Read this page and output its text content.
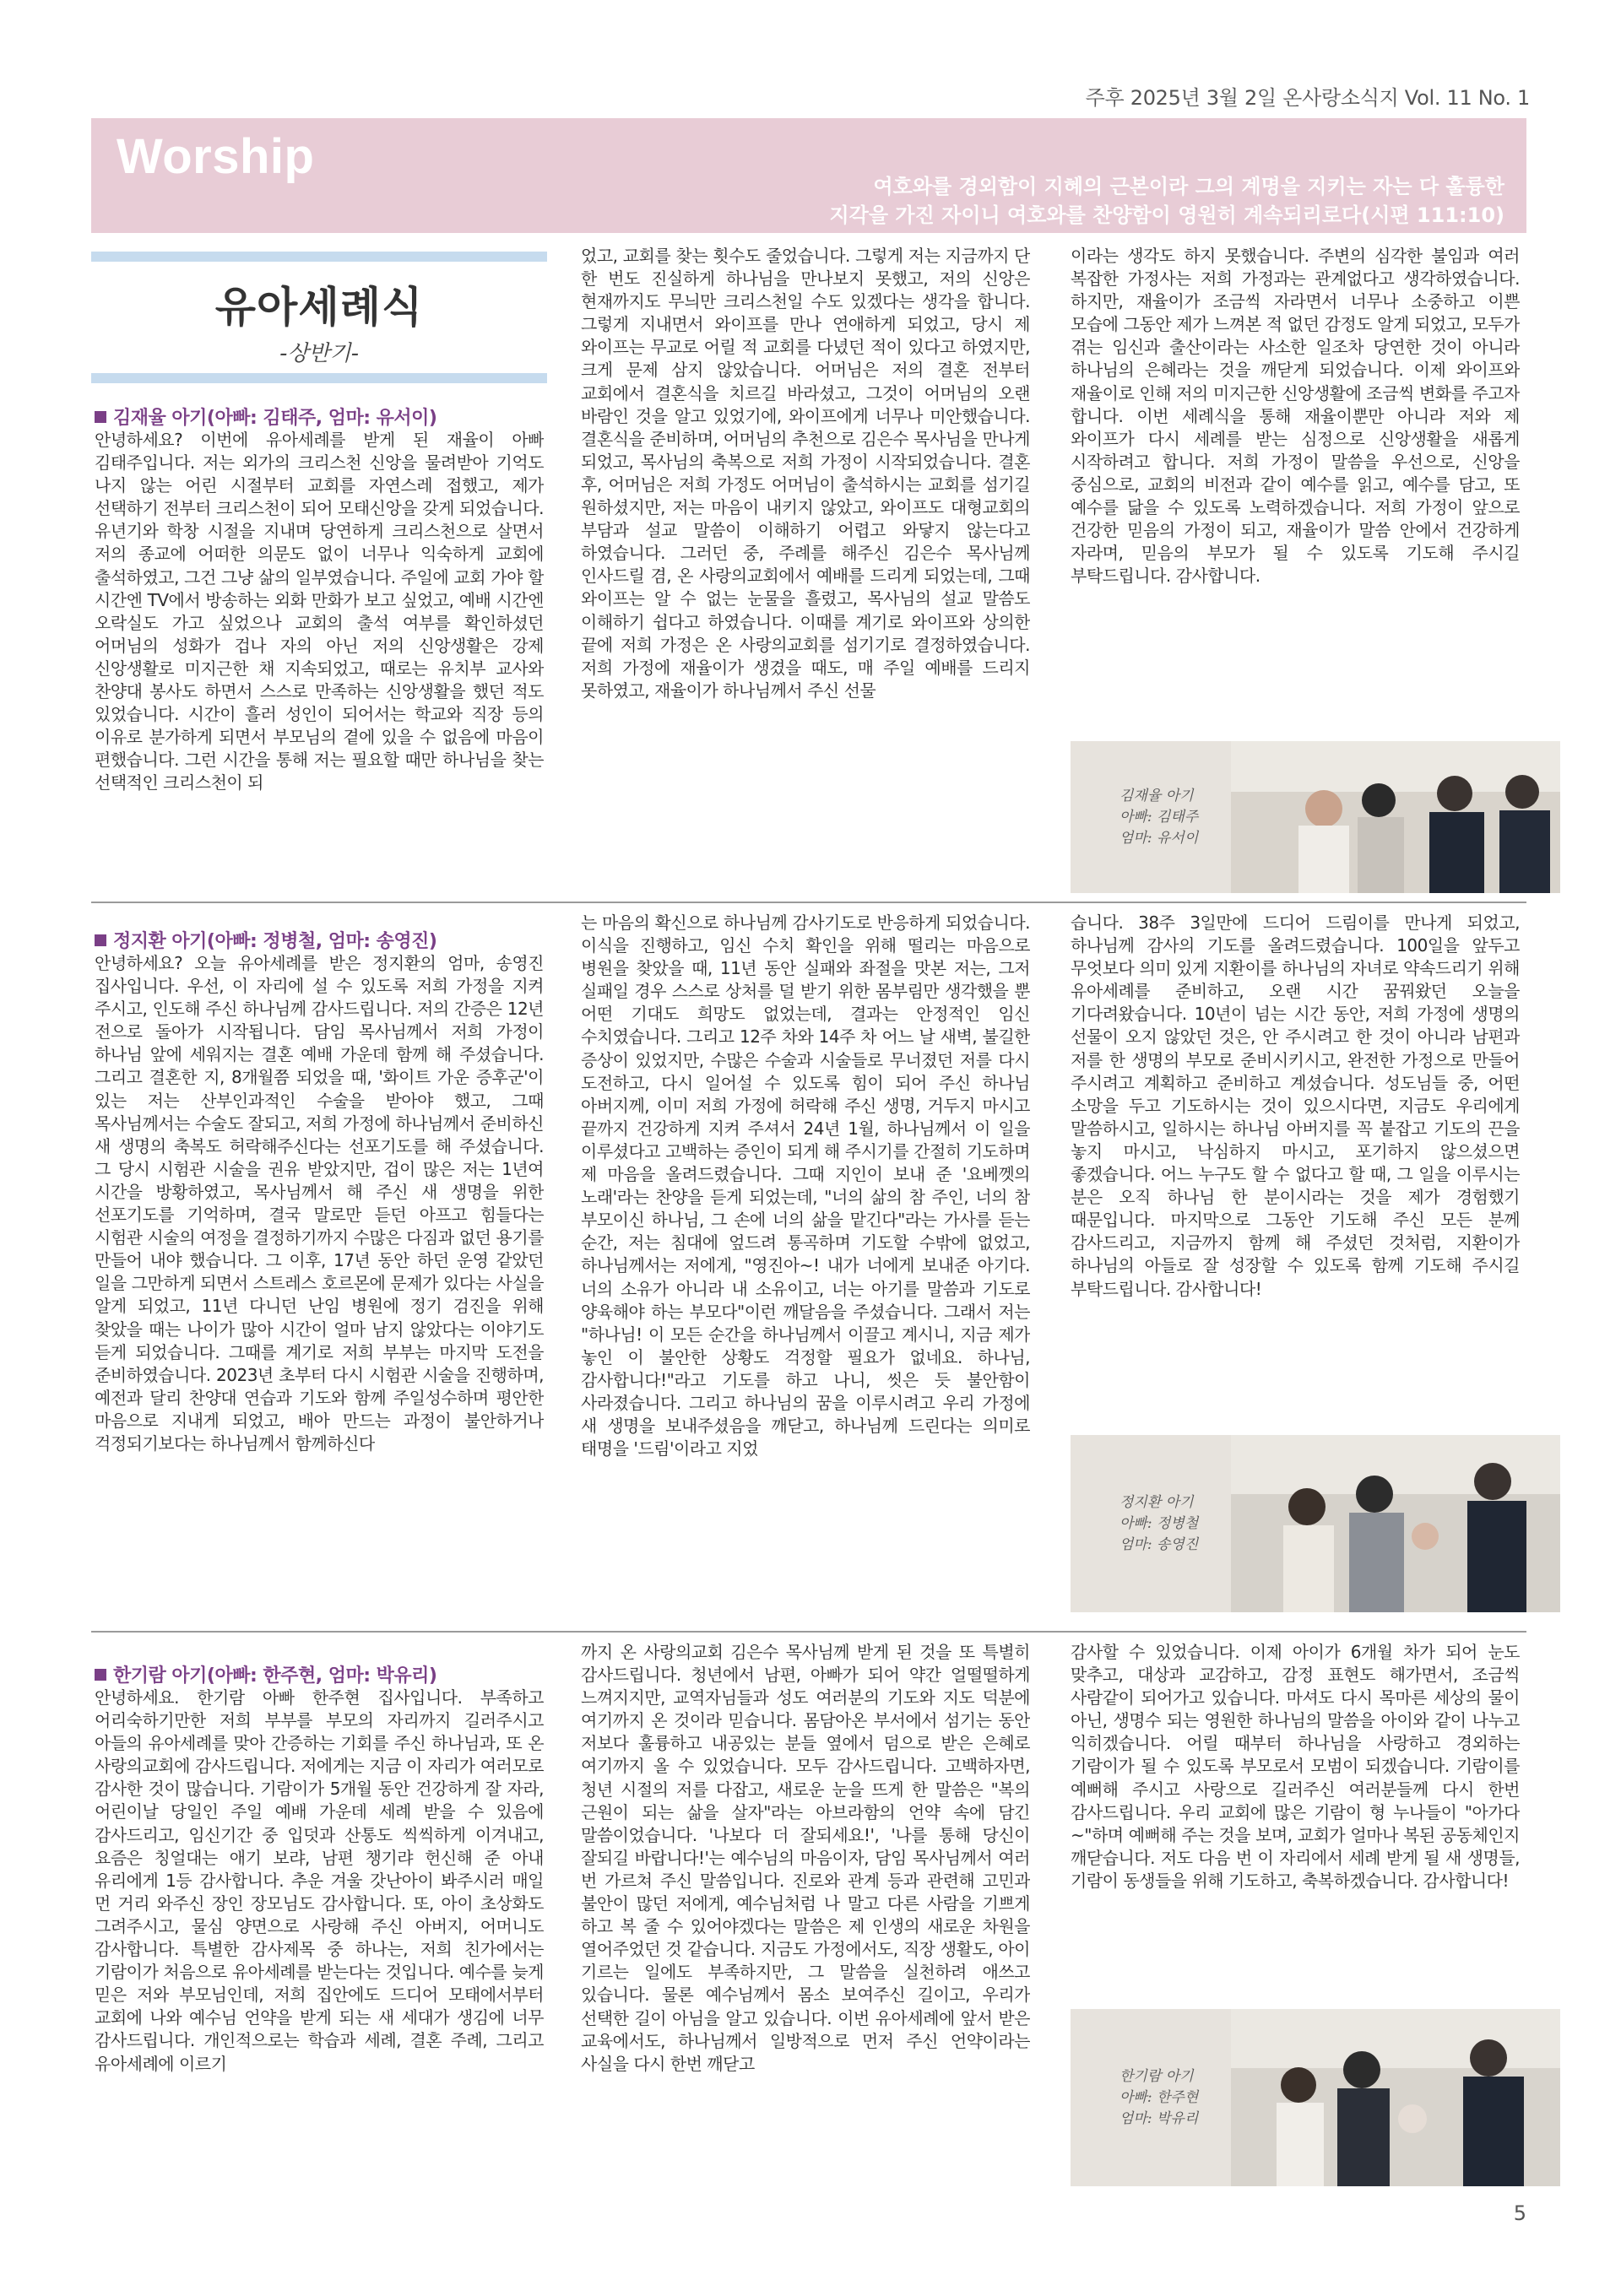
주후 2025년 3월 2일 온사랑소식지 Vol. 11 No. 1
Worship
여호와를 경외함이 지혜의 근본이라 그의 계명을 지키는 자는 다 훌륭한
지각을 가진 자이니 여호와를 찬양함이 영원히 계속되리로다(시편 111:10)
유아세례식
-상반기-
김재율 아기(아빠: 김태주, 엄마: 유서이)

안녕하세요? 이번에 유아세례를 받게 된 재율이 아빠 김태주입니다. 저는 외가의 크리스천 신앙을 물려받아 기억도 나지 않는 어린 시절부터 교회를 자연스레 접했고, 제가 선택하기 전부터 크리스천이 되어 모태신앙을 갖게 되었습니다. 유년기와 학창 시절을 지내며 당연하게 크리스천으로 살면서 저의 종교에 어떠한 의문도 없이 너무나 익숙하게 교회에 출석하였고, 그건 그냥 삶의 일부였습니다. 주일에 교회 가야 할 시간엔 TV에서 방송하는 외화 만화가 보고 싶었고, 예배 시간엔 오락실도 가고 싶었으나 교회의 출석 여부를 확인하셨던 어머님의 성화가 겁나 자의 아닌 저의 신앙생활은 강제 신앙생활로 미지근한 채 지속되었고, 때로는 유치부 교사와 찬양대 봉사도 하면서 스스로 만족하는 신앙생활을 했던 적도 있었습니다. 시간이 흘러 성인이 되어서는 학교와 직장 등의 이유로 분가하게 되면서 부모님의 곁에 있을 수 없음에 마음이 편했습니다. 그런 시간을 통해 저는 필요할 때만 하나님을 찾는 선택적인 크리스천이 되

었고, 교회를 찾는 횟수도 줄었습니다. 그렇게 저는 지금까지 단 한 번도 진실하게 하나님을 만나보지 못했고, 저의 신앙은 현재까지도 무늬만 크리스천일 수도 있겠다는 생각을 합니다. 그렇게 지내면서 와이프를 만나 연애하게 되었고, 당시 제 와이프는 무교로 어릴 적 교회를 다녔던 적이 있다고 하였지만, 크게 문제 삼지 않았습니다. 어머님은 저의 결혼 전부터 교회에서 결혼식을 치르길 바라셨고, 그것이 어머님의 오랜 바람인 것을 알고 있었기에, 와이프에게 너무나 미안했습니다. 결혼식을 준비하며, 어머님의 추천으로 김은수 목사님을 만나게 되었고, 목사님의 축복으로 저희 가정이 시작되었습니다. 결혼 후, 어머님은 저희 가정도 어머님이 출석하시는 교회를 섬기길 원하셨지만, 저는 마음이 내키지 않았고, 와이프도 대형교회의 부담과 설교 말씀이 이해하기 어렵고 와닿지 않는다고 하였습니다. 그러던 중, 주례를 해주신 김은수 목사님께 인사드릴 겸, 온 사랑의교회에서 예배를 드리게 되었는데, 그때 와이프는 알 수 없는 눈물을 흘렸고, 목사님의 설교 말씀도 이해하기 쉽다고 하였습니다. 이때를 계기로 와이프와 상의한 끝에 저희 가정은 온 사랑의교회를 섬기기로 결정하였습니다. 저희 가정에 재율이가 생겼을 때도, 매 주일 예배를 드리지 못하였고, 재율이가 하나님께서 주신 선물

이라는 생각도 하지 못했습니다. 주변의 심각한 불임과 여러 복잡한 가정사는 저희 가정과는 관계없다고 생각하였습니다. 하지만, 재율이가 조금씩 자라면서 너무나 소중하고 이쁜 모습에 그동안 제가 느껴본 적 없던 감정도 알게 되었고, 모두가 겪는 임신과 출산이라는 사소한 일조차 당연한 것이 아니라 하나님의 은혜라는 것을 깨닫게 되었습니다. 이제 와이프와 재율이로 인해 저의 미지근한 신앙생활에 조금씩 변화를 주고자 합니다. 이번 세례식을 통해 재율이뿐만 아니라 저와 제 와이프가 다시 세례를 받는 심정으로 신앙생활을 새롭게 시작하려고 합니다. 저희 가정이 말씀을 우선으로, 신앙을 중심으로, 교회의 비전과 같이 예수를 읽고, 예수를 담고, 또 예수를 닮을 수 있도록 노력하겠습니다. 저희 가정이 앞으로 건강한 믿음의 가정이 되고, 재율이가 말씀 안에서 건강하게 자라며, 믿음의 부모가 될 수 있도록 기도해 주시길 부탁드립니다. 감사합니다.

김재율 아기
아빠: 김태주
엄마: 유서이
정지환 아기(아빠: 정병철, 엄마: 송영진)

안녕하세요? 오늘 유아세례를 받은 정지환의 엄마, 송영진 집사입니다. 우선, 이 자리에 설 수 있도록 저희 가정을 지켜 주시고, 인도해 주신 하나님께 감사드립니다. 저의 간증은 12년 전으로 돌아가 시작됩니다. 담임 목사님께서 저희 가정이 하나님 앞에 세워지는 결혼 예배 가운데 함께 해 주셨습니다. 그리고 결혼한 지, 8개월쯤 되었을 때, '화이트 가운 증후군'이 있는 저는 산부인과적인 수술을 받아야 했고, 그때 목사님께서는 수술도 잘되고, 저희 가정에 하나님께서 준비하신 새 생명의 축복도 허락해주신다는 선포기도를 해 주셨습니다. 그 당시 시험관 시술을 권유 받았지만, 겁이 많은 저는 1년여 시간을 방황하였고, 목사님께서 해 주신 새 생명을 위한 선포기도를 기억하며, 결국 말로만 듣던 아프고 힘들다는 시험관 시술의 여정을 결정하기까지 수많은 다짐과 없던 용기를 만들어 내야 했습니다. 그 이후, 17년 동안 하던 운영 같았던 일을 그만하게 되면서 스트레스 호르몬에 문제가 있다는 사실을 알게 되었고, 11년 다니던 난임 병원에 정기 검진을 위해 찾았을 때는 나이가 많아 시간이 얼마 남지 않았다는 이야기도 듣게 되었습니다. 그때를 계기로 저희 부부는 마지막 도전을 준비하였습니다. 2023년 초부터 다시 시험관 시술을 진행하며, 예전과 달리 찬양대 연습과 기도와 함께 주일성수하며 평안한 마음으로 지내게 되었고, 배아 만드는 과정이 불안하거나 걱정되기보다는 하나님께서 함께하신다

는 마음의 확신으로 하나님께 감사기도로 반응하게 되었습니다. 이식을 진행하고, 임신 수치 확인을 위해 떨리는 마음으로 병원을 찾았을 때, 11년 동안 실패와 좌절을 맛본 저는, 그저 실패일 경우 스스로 상처를 덜 받기 위한 몸부림만 생각했을 뿐 어떤 기대도 희망도 없었는데, 결과는 안정적인 임신 수치였습니다. 그리고 12주 차와 14주 차 어느 날 새벽, 불길한 증상이 있었지만, 수많은 수술과 시술들로 무너졌던 저를 다시 도전하고, 다시 일어설 수 있도록 힘이 되어 주신 하나님 아버지께, 이미 저희 가정에 허락해 주신 생명, 거두지 마시고 끝까지 건강하게 지켜 주셔서 24년 1월, 하나님께서 이 일을 이루셨다고 고백하는 증인이 되게 해 주시기를 간절히 기도하며 제 마음을 올려드렸습니다. 그때 지인이 보내 준 '요베껫의 노래'라는 찬양을 듣게 되었는데, "너의 삶의 참 주인, 너의 참 부모이신 하나님, 그 손에 너의 삶을 맡긴다"라는 가사를 듣는 순간, 저는 침대에 엎드려 통곡하며 기도할 수밖에 없었고, 하나님께서는 저에게, "영진아~! 내가 너에게 보내준 아기다. 너의 소유가 아니라 내 소유이고, 너는 아기를 말씀과 기도로 양육해야 하는 부모다"이런 깨달음을 주셨습니다. 그래서 저는 "하나님! 이 모든 순간을 하나님께서 이끌고 계시니, 지금 제가 놓인 이 불안한 상황도 걱정할 필요가 없네요. 하나님, 감사합니다!"라고 기도를 하고 나니, 씻은 듯 불안함이 사라졌습니다. 그리고 하나님의 꿈을 이루시려고 우리 가정에 새 생명을 보내주셨음을 깨닫고, 하나님께 드린다는 의미로 태명을 '드림'이라고 지었

습니다. 38주 3일만에 드디어 드림이를 만나게 되었고, 하나님께 감사의 기도를 올려드렸습니다. 100일을 앞두고 무엇보다 의미 있게 지환이를 하나님의 자녀로 약속드리기 위해 유아세례를 준비하고, 오랜 시간 꿈꿔왔던 오늘을 기다려왔습니다. 10년이 넘는 시간 동안, 저희 가정에 생명의 선물이 오지 않았던 것은, 안 주시려고 한 것이 아니라 남편과 저를 한 생명의 부모로 준비시키시고, 완전한 가정으로 만들어 주시려고 계획하고 준비하고 계셨습니다. 성도님들 중, 어떤 소망을 두고 기도하시는 것이 있으시다면, 지금도 우리에게 말씀하시고, 일하시는 하나님 아버지를 꼭 붙잡고 기도의 끈을 놓지 마시고, 낙심하지 마시고, 포기하지 않으셨으면 좋겠습니다. 어느 누구도 할 수 없다고 할 때, 그 일을 이루시는 분은 오직 하나님 한 분이시라는 것을 제가 경험했기 때문입니다. 마지막으로 그동안 기도해 주신 모든 분께 감사드리고, 지금까지 함께 해 주셨던 것처럼, 지환이가 하나님의 아들로 잘 성장할 수 있도록 함께 기도해 주시길 부탁드립니다. 감사합니다!

정지환 아기
아빠: 정병철
엄마: 송영진
한기람 아기(아빠: 한주현, 엄마: 박유리)

안녕하세요. 한기람 아빠 한주현 집사입니다. 부족하고 어리숙하기만한 저희 부부를 부모의 자리까지 길러주시고 아들의 유아세례를 맞아 간증하는 기회를 주신 하나님과, 또 온 사랑의교회에 감사드립니다. 저에게는 지금 이 자리가 여러모로 감사한 것이 많습니다. 기람이가 5개월 동안 건강하게 잘 자라, 어린이날 당일인 주일 예배 가운데 세례 받을 수 있음에 감사드리고, 임신기간 중 입덧과 산통도 씩씩하게 이겨내고, 요즘은 칭얼대는 애기 보랴, 남편 챙기랴 헌신해 준 아내 유리에게 1등 감사합니다. 추운 겨울 갓난아이 봐주시러 매일 먼 거리 와주신 장인 장모님도 감사합니다. 또, 아이 초상화도 그려주시고, 물심 양면으로 사랑해 주신 아버지, 어머니도 감사합니다. 특별한 감사제목 중 하나는, 저희 친가에서는 기람이가 처음으로 유아세례를 받는다는 것입니다. 예수를 늦게 믿은 저와 부모님인데, 저희 집안에도 드디어 모태에서부터 교회에 나와 예수님 언약을 받게 되는 새 세대가 생김에 너무 감사드립니다. 개인적으로는 학습과 세례, 결혼 주례, 그리고 유아세례에 이르기

까지 온 사랑의교회 김은수 목사님께 받게 된 것을 또 특별히 감사드립니다. 청년에서 남편, 아빠가 되어 약간 얼떨떨하게 느껴지지만, 교역자님들과 성도 여러분의 기도와 지도 덕분에 여기까지 온 것이라 믿습니다. 몸담아온 부서에서 섬기는 동안 저보다 훌륭하고 내공있는 분들 옆에서 덤으로 받은 은혜로 여기까지 올 수 있었습니다. 모두 감사드립니다. 고백하자면, 청년 시절의 저를 다잡고, 새로운 눈을 뜨게 한 말씀은 "복의 근원이 되는 삶을 살자"라는 아브라함의 언약 속에 담긴 말씀이었습니다. '나보다 더 잘되세요!', '나를 통해 당신이 잘되길 바랍니다!'는 예수님의 마음이자, 담임 목사님께서 여러 번 가르쳐 주신 말씀입니다. 진로와 관계 등과 관련해 고민과 불안이 많던 저에게, 예수님처럼 나 말고 다른 사람을 기쁘게 하고 복 줄 수 있어야겠다는 말씀은 제 인생의 새로운 차원을 열어주었던 것 같습니다. 지금도 가정에서도, 직장 생활도, 아이 기르는 일에도 부족하지만, 그 말씀을 실천하려 애쓰고 있습니다. 물론 예수님께서 몸소 보여주신 길이고, 우리가 선택한 길이 아님을 알고 있습니다. 이번 유아세례에 앞서 받은 교육에서도, 하나님께서 일방적으로 먼저 주신 언약이라는 사실을 다시 한번 깨닫고

감사할 수 있었습니다. 이제 아이가 6개월 차가 되어 눈도 맞추고, 대상과 교감하고, 감정 표현도 해가면서, 조금씩 사람같이 되어가고 있습니다. 마셔도 다시 목마른 세상의 물이 아닌, 생명수 되는 영원한 하나님의 말씀을 아이와 같이 나누고 익히겠습니다. 어릴 때부터 하나님을 사랑하고 경외하는 기람이가 될 수 있도록 부모로서 모범이 되겠습니다. 기람이를 예뻐해 주시고 사랑으로 길러주신 여러분들께 다시 한번 감사드립니다. 우리 교회에 많은 기람이 형 누나들이 "아가다~"하며 예뻐해 주는 것을 보며, 교회가 얼마나 복된 공동체인지 깨닫습니다. 저도 다음 번 이 자리에서 세례 받게 될 새 생명들, 기람이 동생들을 위해 기도하고, 축복하겠습니다. 감사합니다!

한기람 아기
아빠: 한주현
엄마: 박유리
5
